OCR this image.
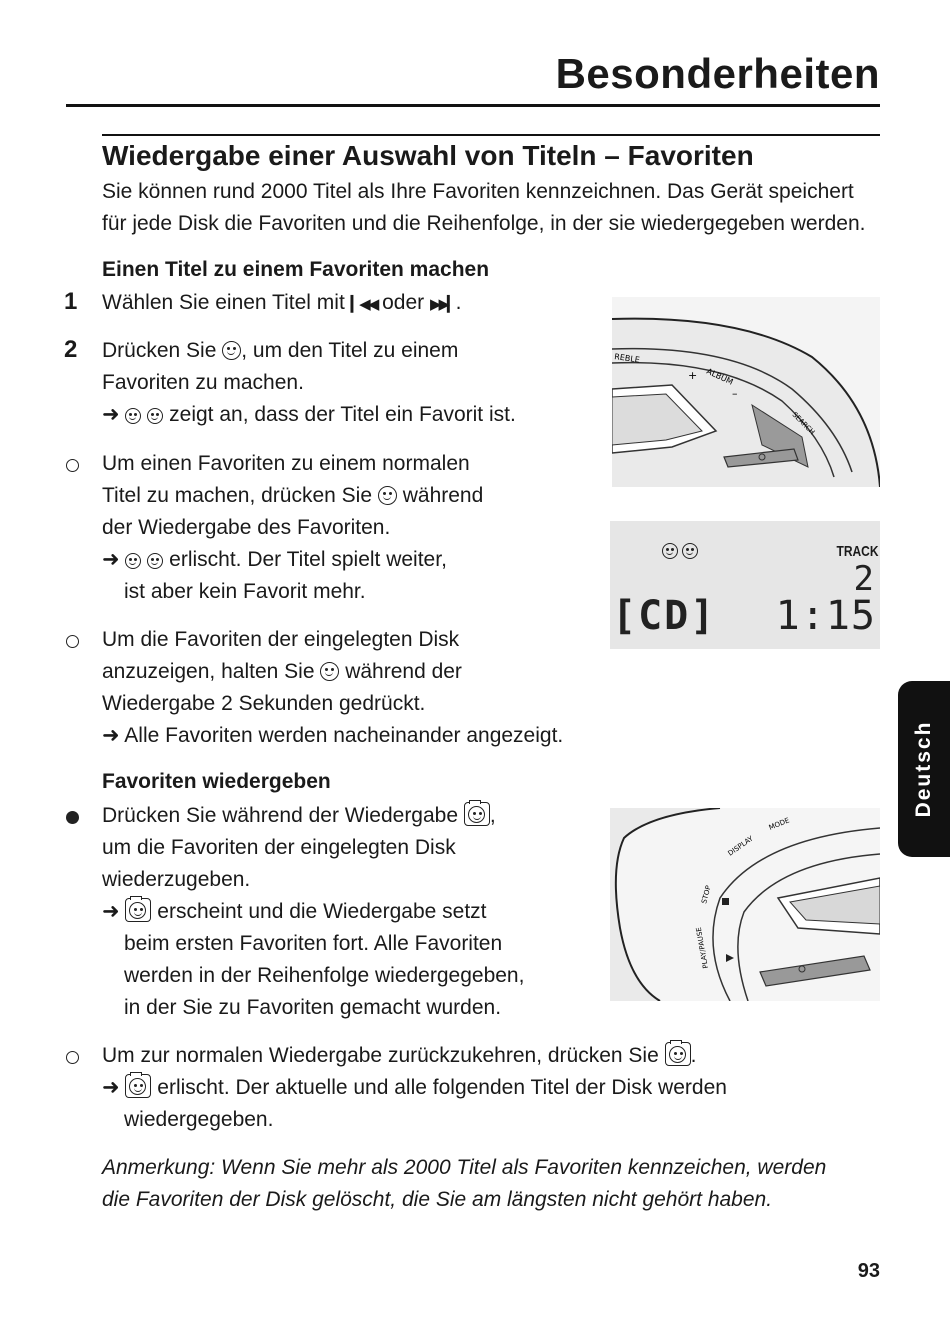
Besonderheiten
Wiedergabe einer Auswahl von Titeln – Favoriten
Sie können rund 2000 Titel als Ihre Favoriten kennzeichnen. Das Gerät speichert
für jede Disk die Favoriten und die Reihenfolge, in der sie wiedergegeben werden.
Einen Titel zu einem Favoriten machen
1 Wählen Sie einen Titel mit ▎◀◀ oder ▶▶▎.
2 Drücken Sie , um den Titel zu einem
Favoriten zu machen.
➜ zeigt an, dass der Titel ein Favorit ist.
Um einen Favoriten zu einem normalen
Titel zu machen, drücken Sie während
der Wiedergabe des Favoriten.
➜ erlischt. Der Titel spielt weiter,
ist aber kein Favorit mehr.
Um die Favoriten der eingelegten Disk
anzuzeigen, halten Sie während der
Wiedergabe 2 Sekunden gedrückt.
➜ Alle Favoriten werden nacheinander angezeigt.
Favoriten wiedergeben
Drücken Sie während der Wiedergabe ,
um die Favoriten der eingelegten Disk
wiederzugeben.
➜ erscheint und die Wiedergabe setzt
beim ersten Favoriten fort. Alle Favoriten
werden in der Reihenfolge wiedergegeben,
in der Sie zu Favoriten gemacht wurden.
Um zur normalen Wiedergabe zurückzukehren, drücken Sie .
➜ erlischt. Der aktuelle und alle folgenden Titel der Disk werden
wiedergegeben.
Anmerkung: Wenn Sie mehr als 2000 Titel als Favoriten kennzeichen, werden
die Favoriten der Disk gelöscht, die Sie am längsten nicht gehört haben.
REBLE
ALBUM
+
–
SEARCH

TRACK
2
[CD] 1:15
DISPLAY
MODE
STOP
PLAY/PAUSE
Deutsch
93
